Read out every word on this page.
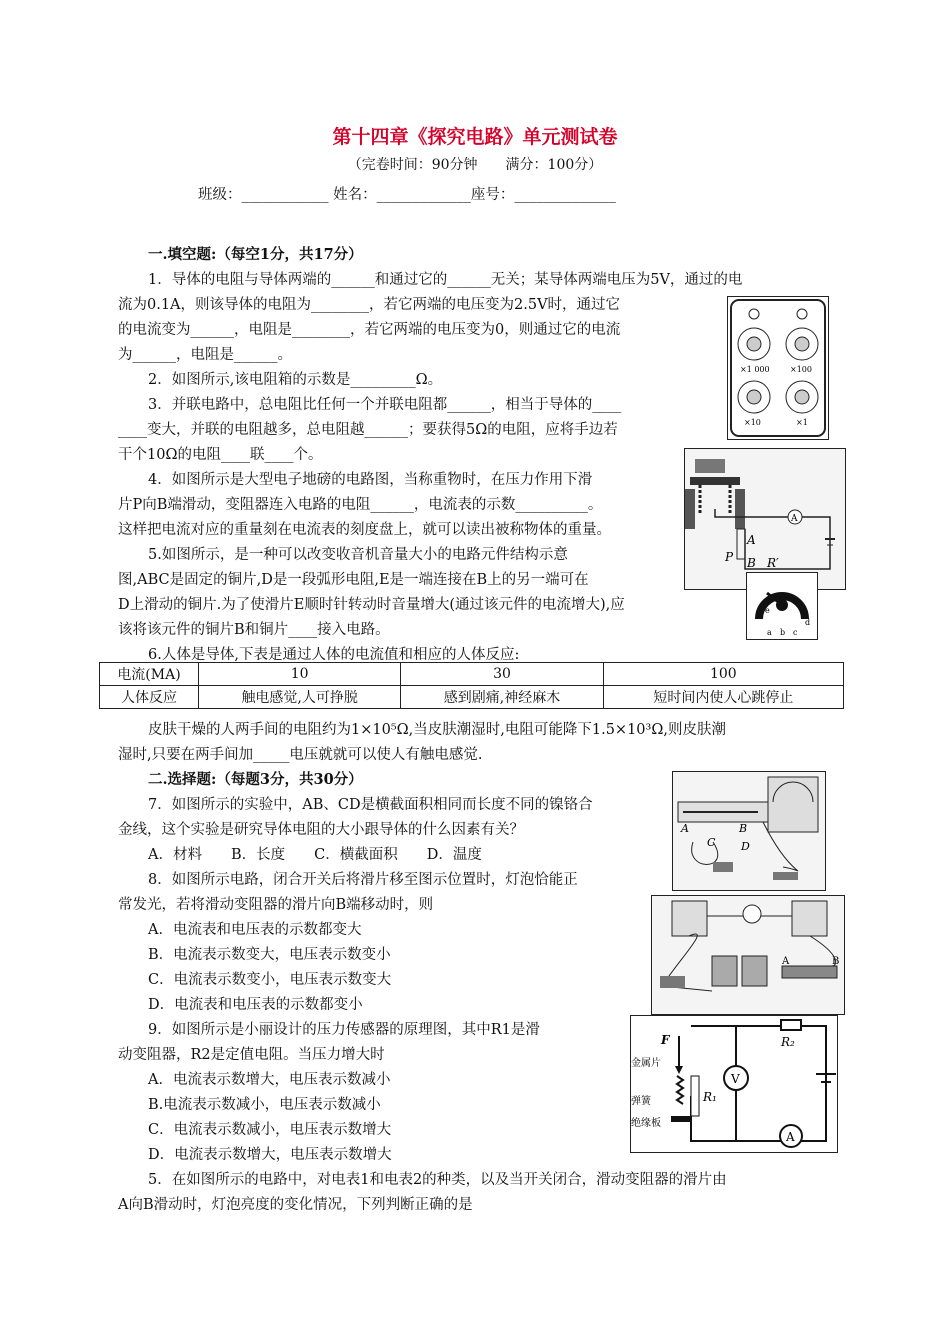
第十四章《探究电路》单元测试卷
（完卷时间：90分钟　　满分：100分）
班级：____________ 姓名：_____________座号：______________
一.填空题:（每空1分，共17分）
1．导体的电阻与导体两端的______和通过它的______无关；某导体两端电压为5V，通过的电
流为0.1A，则该导体的电阻为________，若它两端的电压变为2.5V时，通过它
的电流变为______，电阻是________，若它两端的电压变为0，则通过它的电流
为______，电阻是______。
2．如图所示,该电阻箱的示数是_________Ω。
3．并联电路中，总电阻比任何一个并联电阻都______，相当于导体的____
____变大，并联的电阻越多，总电阻越______；要获得5Ω的电阻，应将手边若
干个10Ω的电阻____联____个。
4．如图所示是大型电子地磅的电路图，当称重物时，在压力作用下滑
片P向B端滑动，变阻器连入电路的电阻______，电流表的示数__________。
这样把电流对应的重量刻在电流表的刻度盘上，就可以读出被称物体的重量。
5.如图所示，是一种可以改变收音机音量大小的电路元件结构示意
图,ABC是固定的铜片,D是一段弧形电阻,E是一端连接在B上的另一端可在
D上滑动的铜片.为了使滑片E顺时针转动时音量增大(通过该元件的电流增大),应
该将该元件的铜片B和铜片____接入电路。
6.人体是导体,下表是通过人体的电流值和相应的人体反应:
电流(MA)	10	30	100
人体反应	触电感觉,人可挣脱	感到剧痛,神经麻木	短时间内使人心跳停止
皮肤干燥的人两手间的电阻约为1×10⁵Ω,当皮肤潮湿时,电阻可能降下1.5×10³Ω,则皮肤潮
湿时,只要在两手间加_____电压就就可以使人有触电感觉.
二.选择题:（每题3分，共30分）
7．如图所示的实验中，AB、CD是横截面积相同而长度不同的镍铬合
金线，这个实验是研究导体电阻的大小跟导体的什么因素有关？
A．材料　　B．长度　　C．横截面积　　D．温度
8．如图所示电路，闭合开关后将滑片移至图示位置时，灯泡恰能正
常发光，若将滑动变阻器的滑片向B端移动时，则
A．电流表和电压表的示数都变大
B．电流表示数变大，电压表示数变小
C．电流表示数变小，电压表示数变大
D．电流表和电压表的示数都变小
9．如图所示是小丽设计的压力传感器的原理图，其中R1是滑
动变阻器，R2是定值电阻。当压力增大时
A．电流表示数增大，电压表示数减小
B.电流表示数减小，电压表示数减小
C．电流表示数减小，电压表示数增大
D．电流表示数增大，电压表示数增大
5．在如图所示的电路中，对电表1和电表2的种类，以及当开关闭合，滑动变阻器的滑片由
A向B滑动时，灯泡亮度的变化情况，下列判断正确的是
×1 000	×100
×10	×1
A
A
P B R′
e
a b c
d
A	B
C D
A	B
R₂
V
A
R₁
F
金属片
弹簧
绝缘板
